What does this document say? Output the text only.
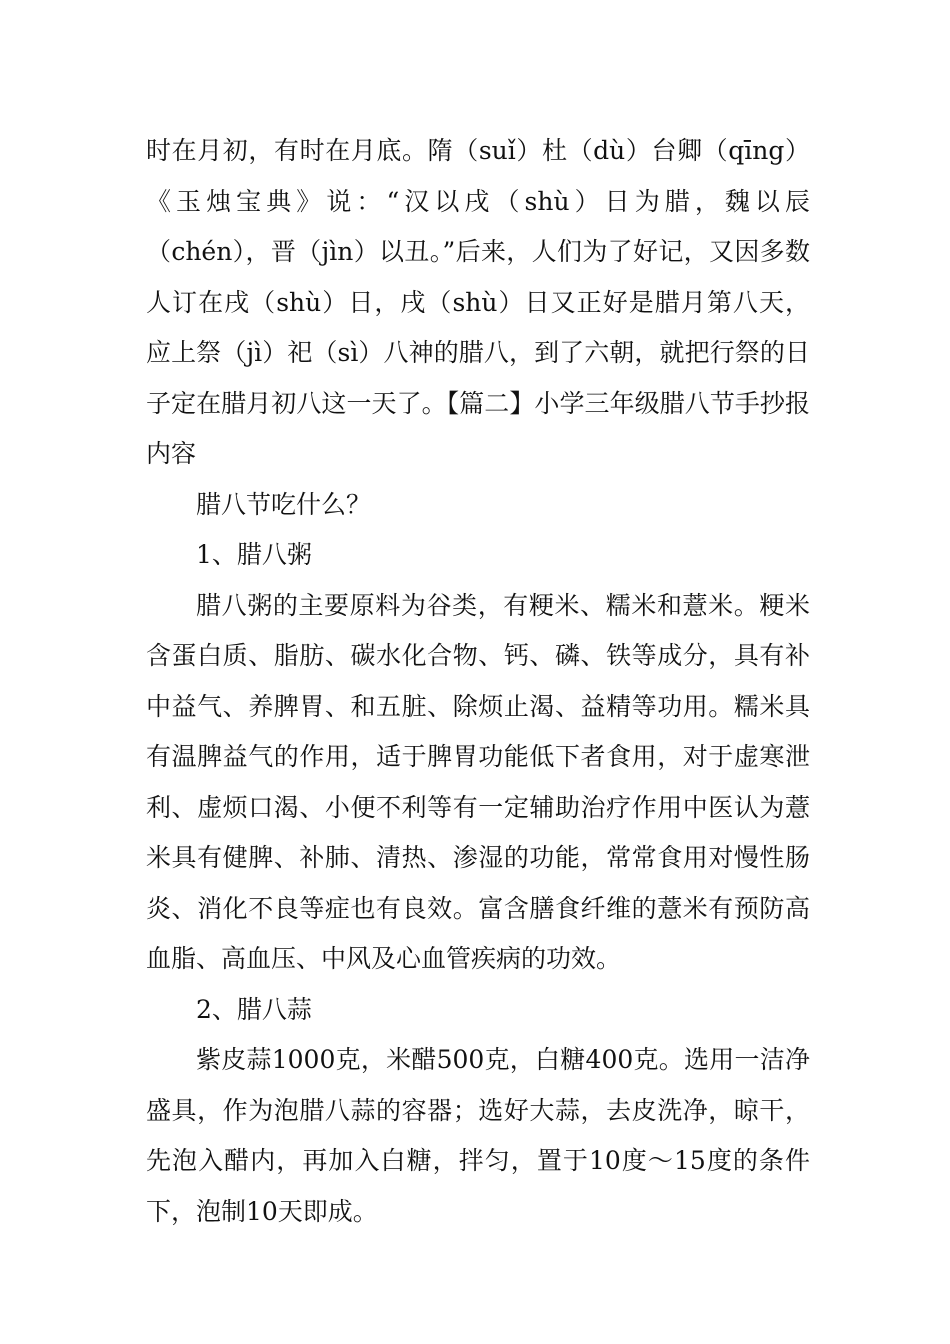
时在月初，有时在月底。隋（suǐ）杜（dù）台卿（qīng）《玉烛宝典》说：“汉以戌（shù）日为腊，魏以辰（chén），晋（jìn）以丑。”后来，人们为了好记，又因多数人订在戌（shù）日，戌（shù）日又正好是腊月第八天，应上祭（jì）祀（sì）八神的腊八，到了六朝，就把行祭的日子定在腊月初八这一天了。【篇二】小学三年级腊八节手抄报内容

腊八节吃什么？

1、腊八粥

腊八粥的主要原料为谷类，有粳米、糯米和薏米。粳米含蛋白质、脂肪、碳水化合物、钙、磷、铁等成分，具有补中益气、养脾胃、和五脏、除烦止渴、益精等功用。糯米具有温脾益气的作用，适于脾胃功能低下者食用，对于虚寒泄利、虚烦口渴、小便不利等有一定辅助治疗作用中医认为薏米具有健脾、补肺、清热、渗湿的功能，常常食用对慢性肠炎、消化不良等症也有良效。富含膳食纤维的薏米有预防高血脂、高血压、中风及心血管疾病的功效。

2、腊八蒜

紫皮蒜1000克，米醋500克，白糖400克。选用一洁净盛具，作为泡腊八蒜的容器；选好大蒜，去皮洗净，晾干，先泡入醋内，再加入白糖，拌匀，置于10度～15度的条件下，泡制10天即成。
